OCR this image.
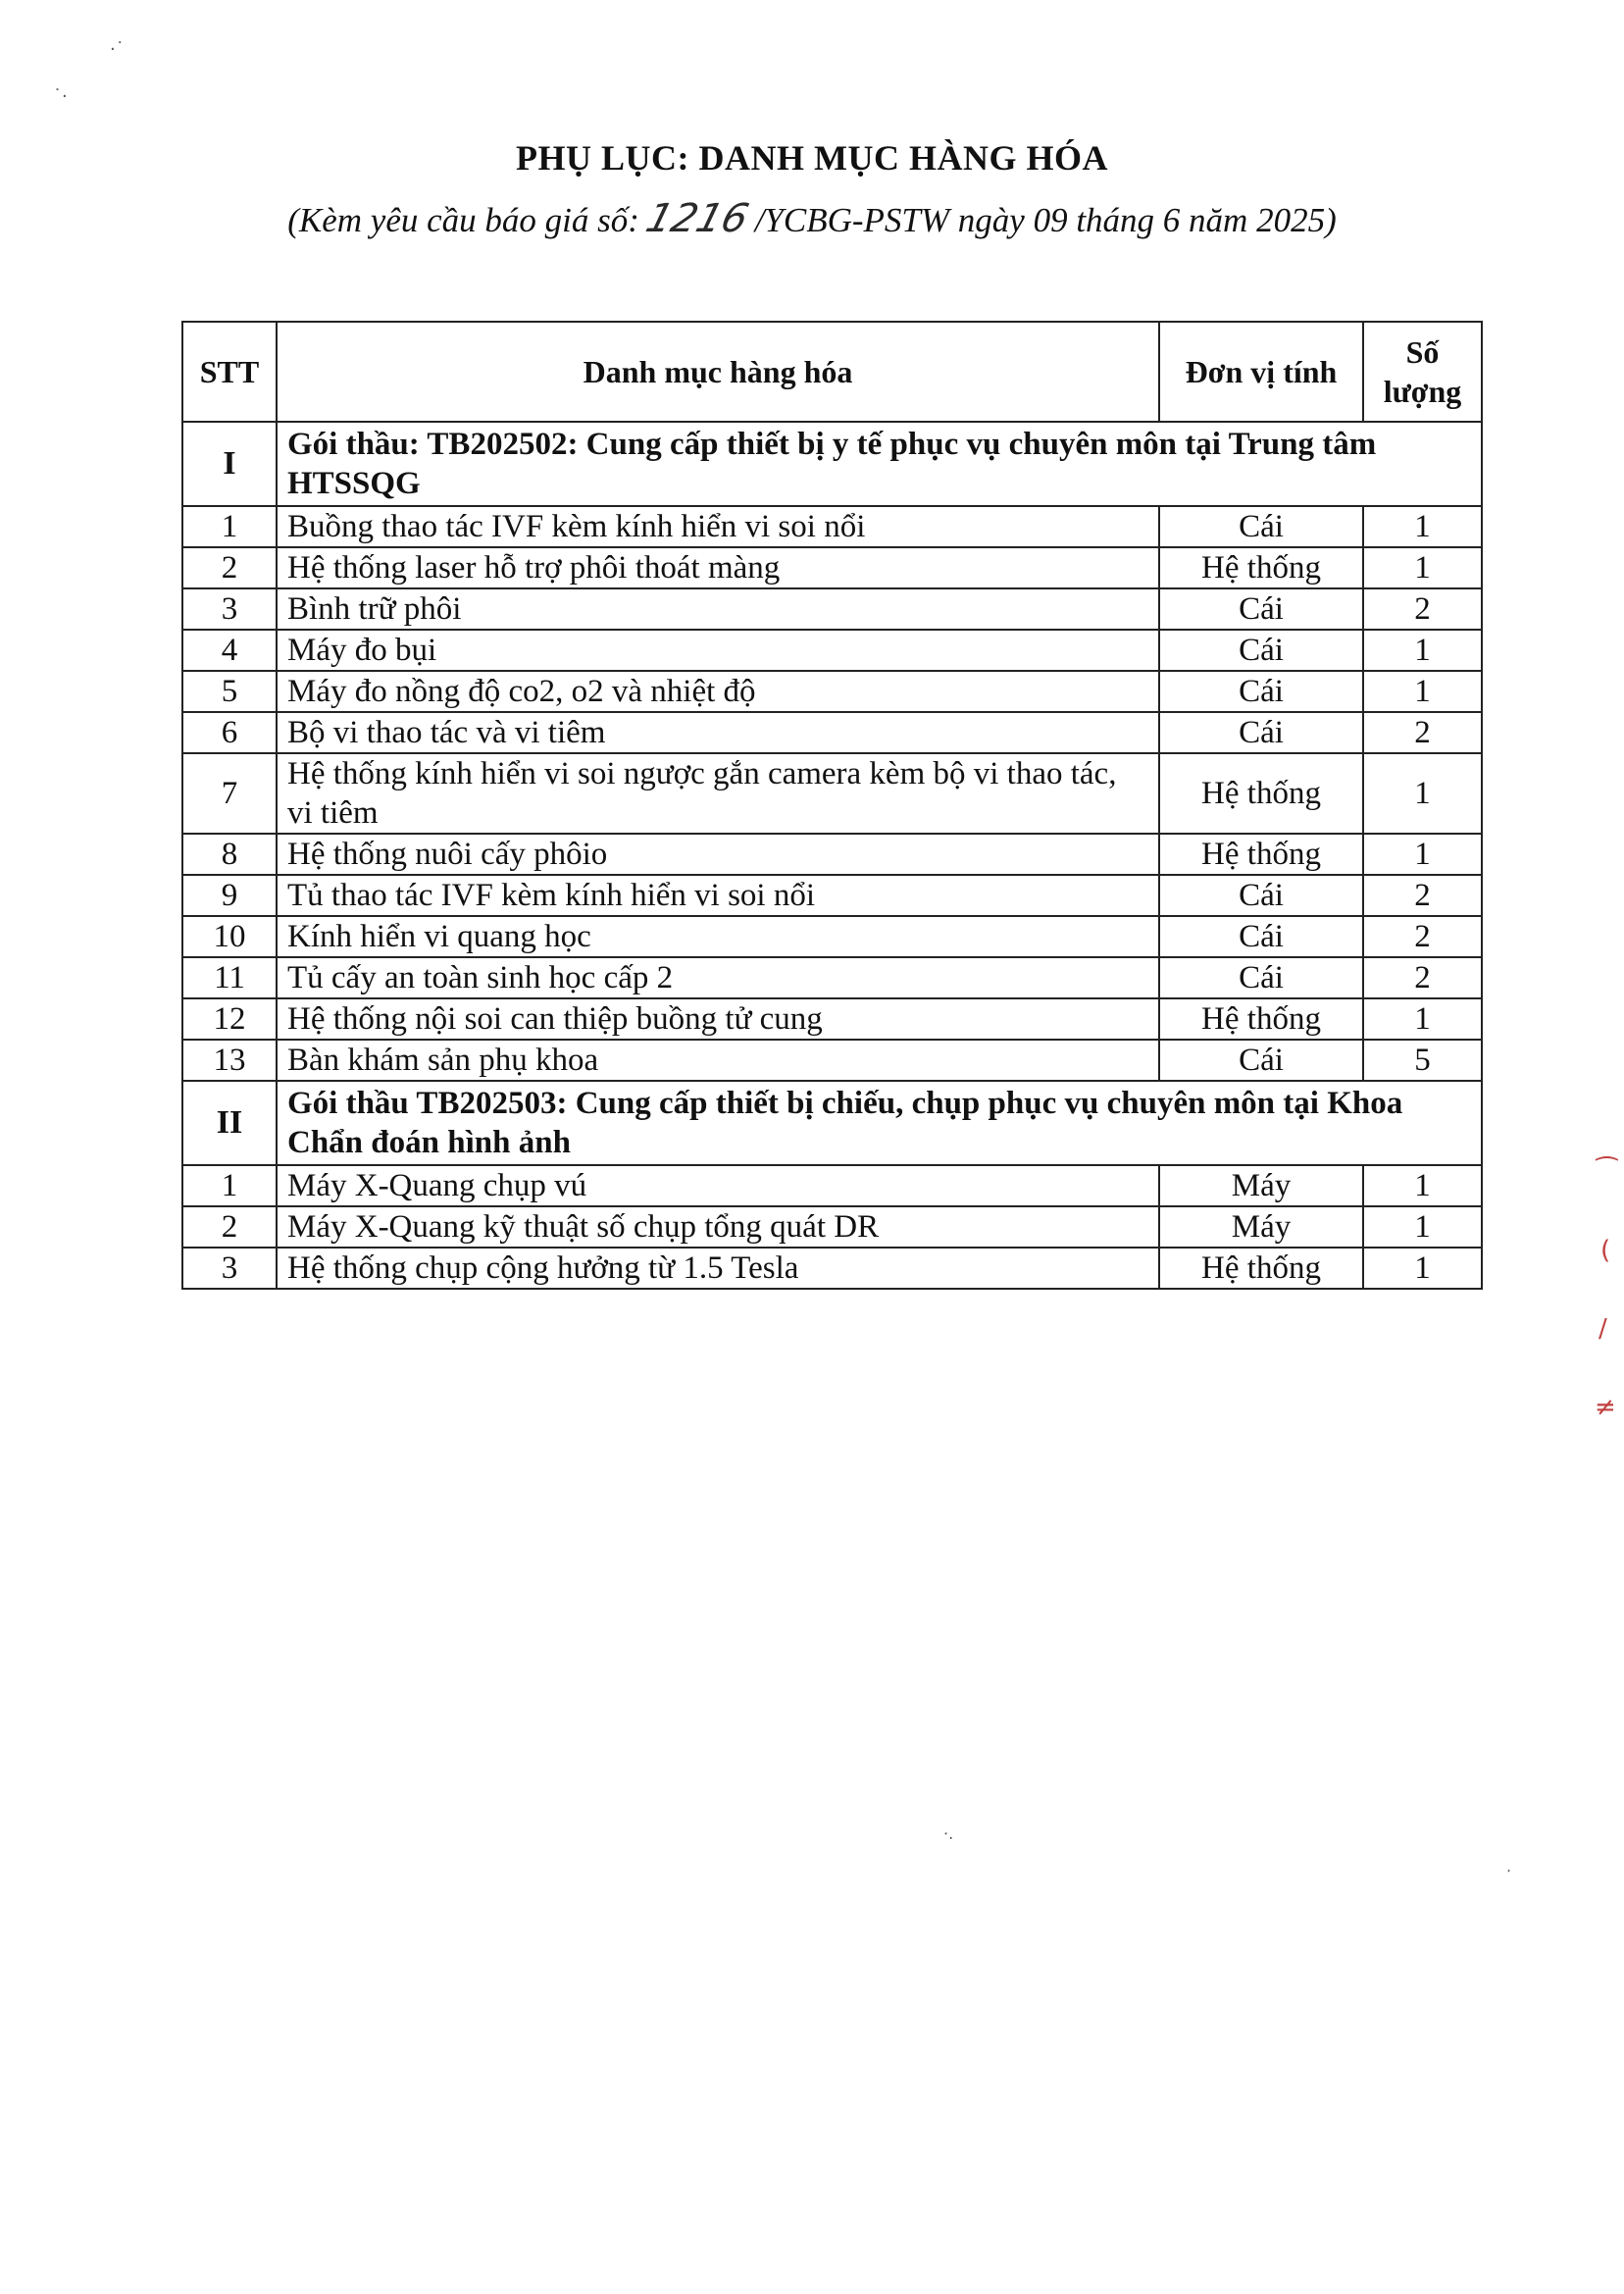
PHỤ LỤC: DANH MỤC HÀNG HÓA
(Kèm yêu cầu báo giá số:1216/YCBG-PSTW ngày 09 tháng 6 năm 2025)
STT	Danh mục hàng hóa	Đơn vị tính	Số
lượng
I	Gói thầu: TB202502: Cung cấp thiết bị y tế phục vụ chuyên môn tại Trung tâm HTSSQG		
1	Buồng thao tác IVF kèm kính hiển vi soi nổi	Cái	1
2	Hệ thống laser hỗ trợ phôi thoát màng	Hệ thống	1
3	Bình trữ phôi	Cái	2
4	Máy đo bụi	Cái	1
5	Máy đo nồng độ co2, o2 và nhiệt độ	Cái	1
6	Bộ vi thao tác và vi tiêm	Cái	2
7	Hệ thống kính hiển vi soi ngược gắn camera kèm bộ vi thao tác, vi tiêm	Hệ thống	1
8	Hệ thống nuôi cấy phôio	Hệ thống	1
9	Tủ thao tác IVF kèm kính hiển vi soi nổi	Cái	2
10	Kính hiển vi quang học	Cái	2
11	Tủ cấy an toàn sinh học cấp 2	Cái	2
12	Hệ thống nội soi can thiệp buồng tử cung	Hệ thống	1
13	Bàn khám sản phụ khoa	Cái	5
II	Gói thầu TB202503: Cung cấp thiết bị chiếu, chụp phục vụ chuyên môn tại Khoa Chẩn đoán hình ảnh		
1	Máy X-Quang chụp vú	Máy	1
2	Máy X-Quang kỹ thuật số chụp tổng quát DR	Máy	1
3	Hệ thống chụp cộng hưởng từ 1.5 Tesla	Hệ thống	1
·˙
˙·
·.
·
⁀
(
/
≠
